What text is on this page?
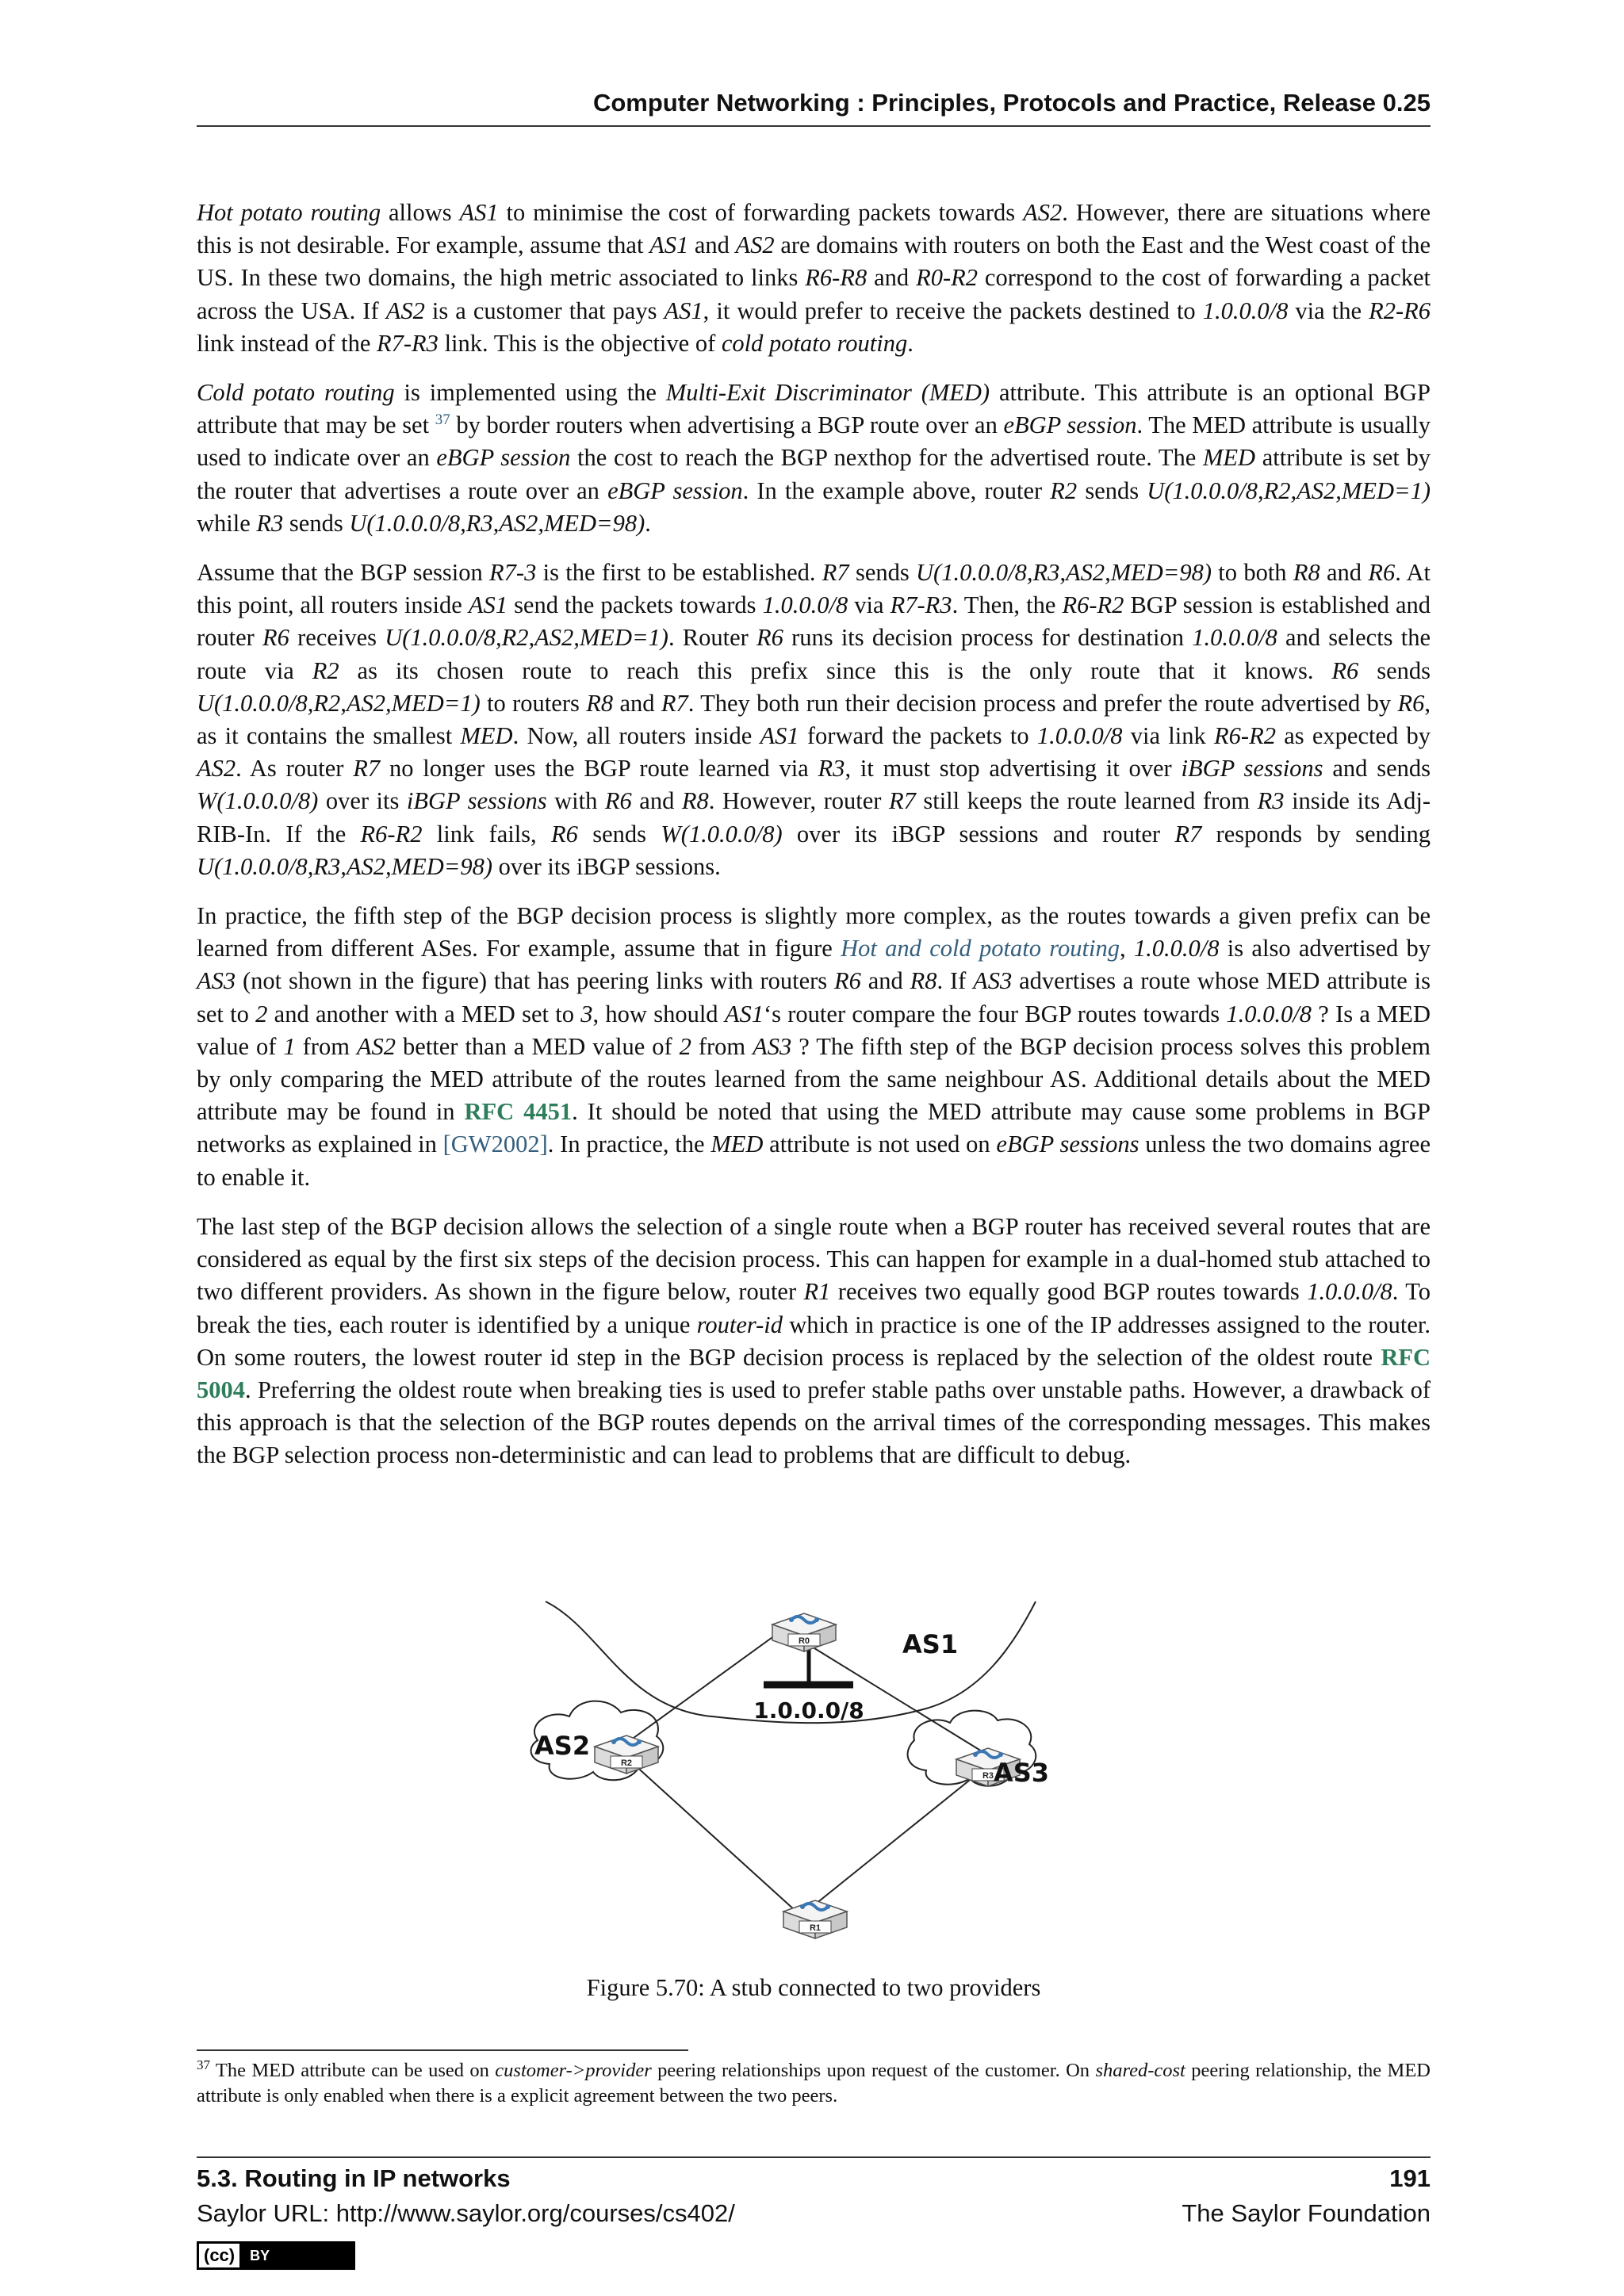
Computer Networking : Principles, Protocols and Practice, Release 0.25

Hot potato routing allows AS1 to minimise the cost of forwarding packets towards AS2. However, there are situations where this is not desirable. For example, assume that AS1 and AS2 are domains with routers on both the East and the West coast of the US. In these two domains, the high metric associated to links R6-R8 and R0-R2 correspond to the cost of forwarding a packet across the USA. If AS2 is a customer that pays AS1, it would prefer to receive the packets destined to 1.0.0.0/8 via the R2-R6 link instead of the R7-R3 link. This is the objective of cold potato routing.

Cold potato routing is implemented using the Multi-Exit Discriminator (MED) attribute. This attribute is an optional BGP attribute that may be set $^{37}$ by border routers when advertising a BGP route over an eBGP session. The MED attribute is usually used to indicate over an eBGP session the cost to reach the BGP nexthop for the advertised route. The MED attribute is set by the router that advertises a route over an eBGP session. In the example above, router R2 sends U(1.0.0.0/8,R2,AS2,MED=1) while R3 sends U(1.0.0.0/8,R3,AS2,MED=98).

Assume that the BGP session R7-3 is the first to be established. R7 sends U(1.0.0.0/8,R3,AS2,MED=98) to both R8 and R6. At this point, all routers inside AS1 send the packets towards 1.0.0.0/8 via R7-R3. Then, the R6-R2 BGP session is established and router R6 receives U(1.0.0.0/8,R2,AS2,MED=1). Router R6 runs its decision process for destination 1.0.0.0/8 and selects the route via R2 as its chosen route to reach this prefix since this is the only route that it knows. R6 sends U(1.0.0.0/8,R2,AS2,MED=1) to routers R8 and R7. They both run their decision process and prefer the route advertised by R6, as it contains the smallest MED. Now, all routers inside AS1 forward the packets to 1.0.0.0/8 via link R6-R2 as expected by AS2. As router R7 no longer uses the BGP route learned via R3, it must stop advertising it over iBGP sessions and sends W(1.0.0.0/8) over its iBGP sessions with R6 and R8. However, router R7 still keeps the route learned from R3 inside its Adj-RIB-In. If the R6-R2 link fails, R6 sends W(1.0.0.0/8) over its iBGP sessions and router R7 responds by sending U(1.0.0.0/8,R3,AS2,MED=98) over its iBGP sessions.

In practice, the fifth step of the BGP decision process is slightly more complex, as the routes towards a given prefix can be learned from different ASes. For example, assume that in figure Hot and cold potato routing, 1.0.0.0/8 is also advertised by AS3 (not shown in the figure) that has peering links with routers R6 and R8. If AS3 advertises a route whose MED attribute is set to 2 and another with a MED set to 3, how should AS1‘s router compare the four BGP routes towards 1.0.0.0/8 ? Is a MED value of 1 from AS2 better than a MED value of 2 from AS3 ? The fifth step of the BGP decision process solves this problem by only comparing the MED attribute of the routes learned from the same neighbour AS. Additional details about the MED attribute may be found in RFC 4451. It should be noted that using the MED attribute may cause some problems in BGP networks as explained in [GW2002]. In practice, the MED attribute is not used on eBGP sessions unless the two domains agree to enable it.

The last step of the BGP decision allows the selection of a single route when a BGP router has received several routes that are considered as equal by the first six steps of the decision process. This can happen for example in a dual-homed stub attached to two different providers. As shown in the figure below, router R1 receives two equally good BGP routes towards 1.0.0.0/8. To break the ties, each router is identified by a unique router-id which in practice is one of the IP addresses assigned to the router. On some routers, the lowest router id step in the BGP decision process is replaced by the selection of the oldest route RFC 5004. Preferring the oldest route when breaking ties is used to prefer stable paths over unstable paths. However, a drawback of this approach is that the selection of the BGP routes depends on the arrival times of the corresponding messages. This makes the BGP selection process non-deterministic and can lead to problems that are difficult to debug.

R0
R2
R3
R1
AS1
AS2
AS3
1.0.0.0/8
Figure 5.70: A stub connected to two providers
$^{37}$ The MED attribute can be used on customer->provider peering relationships upon request of the customer. On shared-cost peering relationship, the MED attribute is only enabled when there is a explicit agreement between the two peers.
5.3. Routing in IP networks	191
Saylor URL: http://www.saylor.org/courses/cs402/	The Saylor Foundation
(cc)	BY
